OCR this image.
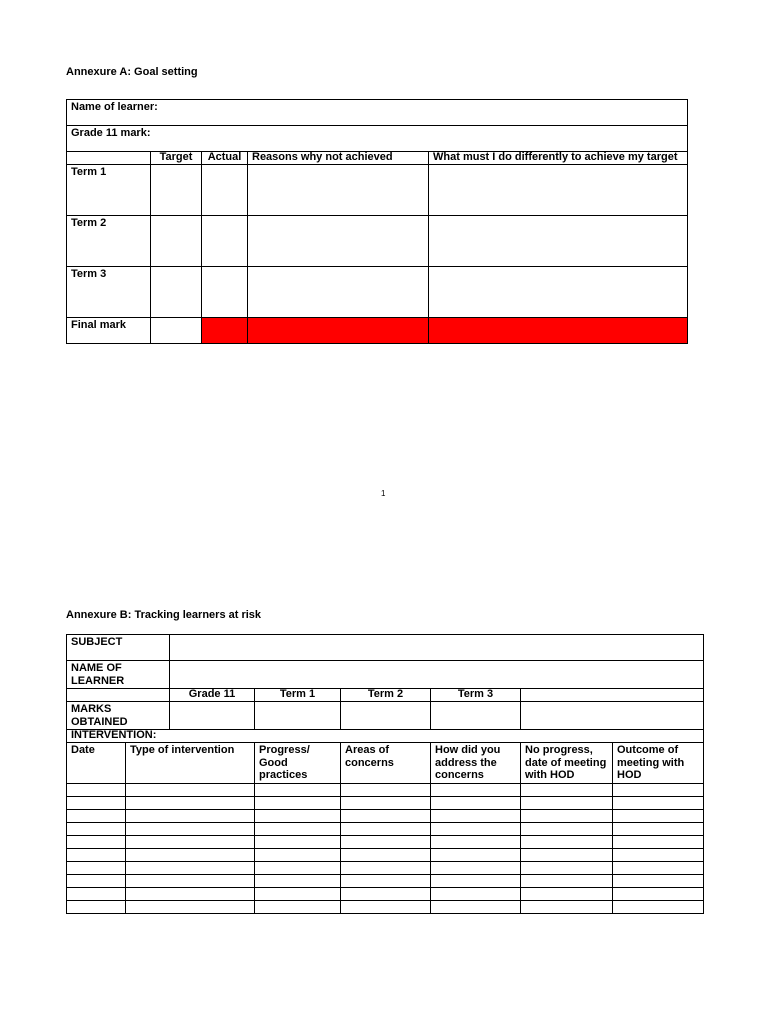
Annexure A: Goal setting
Name of learner:				
Grade 11 mark:				
	Target	Actual	Reasons why not achieved	What must I do differently to achieve my target
Term 1				
Term 2				
Term 3				
Final mark				
1
Annexure B: Tracking learners at risk
SUBJECT							
NAME OF LEARNER							
		Grade 11	Term 1	Term 2	Term 3		
MARKS OBTAINED							
INTERVENTION:							
Date	Type of intervention		Progress/ Good practices	Areas of concerns	How did you address the concerns	No progress, date of meeting with HOD	Outcome of meeting with HOD
